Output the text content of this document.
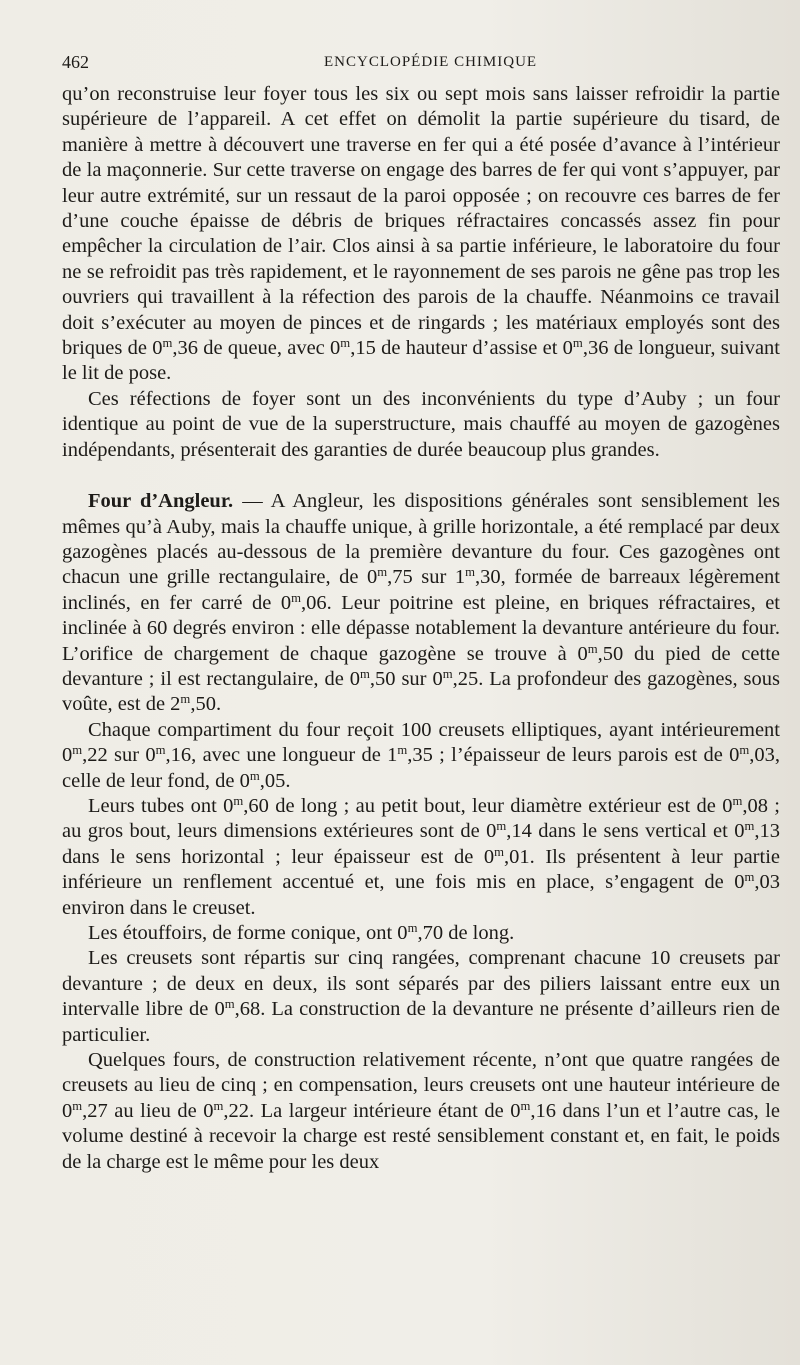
462	ENCYCLOPÉDIE CHIMIQUE

qu’on reconstruise leur foyer tous les six ou sept mois sans laisser refroidir la partie supérieure de l’appareil. A cet effet on démolit la partie supérieure du tisard, de manière à mettre à découvert une traverse en fer qui a été posée d’avance à l’intérieur de la maçonnerie. Sur cette traverse on engage des barres de fer qui vont s’appuyer, par leur autre extrémité, sur un ressaut de la paroi opposée ; on recouvre ces barres de fer d’une couche épaisse de débris de briques réfractaires concassés assez fin pour empêcher la circulation de l’air. Clos ainsi à sa partie inférieure, le laboratoire du four ne se refroidit pas très rapidement, et le rayonnement de ses parois ne gêne pas trop les ouvriers qui travaillent à la réfection des parois de la chauffe. Néanmoins ce travail doit s’exécuter au moyen de pinces et de ringards ; les matériaux employés sont des briques de 0$^m$,36 de queue, avec 0$^m$,15 de hauteur d’assise et 0$^m$,36 de longueur, suivant le lit de pose.

Ces réfections de foyer sont un des inconvénients du type d’Auby ; un four identique au point de vue de la superstructure, mais chauffé au moyen de gazogènes indépendants, présenterait des garanties de durée beaucoup plus grandes.

Four d’Angleur. — A Angleur, les dispositions générales sont sensiblement les mêmes qu’à Auby, mais la chauffe unique, à grille horizontale, a été remplacé par deux gazogènes placés au-dessous de la première devanture du four. Ces gazogènes ont chacun une grille rectangulaire, de 0$^m$,75 sur 1$^m$,30, formée de barreaux légèrement inclinés, en fer carré de 0$^m$,06. Leur poitrine est pleine, en briques réfractaires, et inclinée à 60 degrés environ : elle dépasse notablement la devanture antérieure du four. L’orifice de chargement de chaque gazogène se trouve à 0$^m$,50 du pied de cette devanture ; il est rectangulaire, de 0$^m$,50 sur 0$^m$,25. La profondeur des gazogènes, sous voûte, est de 2$^m$,50.

Chaque compartiment du four reçoit 100 creusets elliptiques, ayant intérieurement 0$^m$,22 sur 0$^m$,16, avec une longueur de 1$^m$,35 ; l’épaisseur de leurs parois est de 0$^m$,03, celle de leur fond, de 0$^m$,05.

Leurs tubes ont 0$^m$,60 de long ; au petit bout, leur diamètre extérieur est de 0$^m$,08 ; au gros bout, leurs dimensions extérieures sont de 0$^m$,14 dans le sens vertical et 0$^m$,13 dans le sens horizontal ; leur épaisseur est de 0$^m$,01. Ils présentent à leur partie inférieure un renflement accentué et, une fois mis en place, s’engagent de 0$^m$,03 environ dans le creuset.

Les étouffoirs, de forme conique, ont 0$^m$,70 de long.

Les creusets sont répartis sur cinq rangées, comprenant chacune 10 creusets par devanture ; de deux en deux, ils sont séparés par des piliers laissant entre eux un intervalle libre de 0$^m$,68. La construction de la devanture ne présente d’ailleurs rien de particulier.

Quelques fours, de construction relativement récente, n’ont que quatre rangées de creusets au lieu de cinq ; en compensation, leurs creusets ont une hauteur intérieure de 0$^m$,27 au lieu de 0$^m$,22. La largeur intérieure étant de 0$^m$,16 dans l’un et l’autre cas, le volume destiné à recevoir la charge est resté sensiblement constant et, en fait, le poids de la charge est le même pour les deux
